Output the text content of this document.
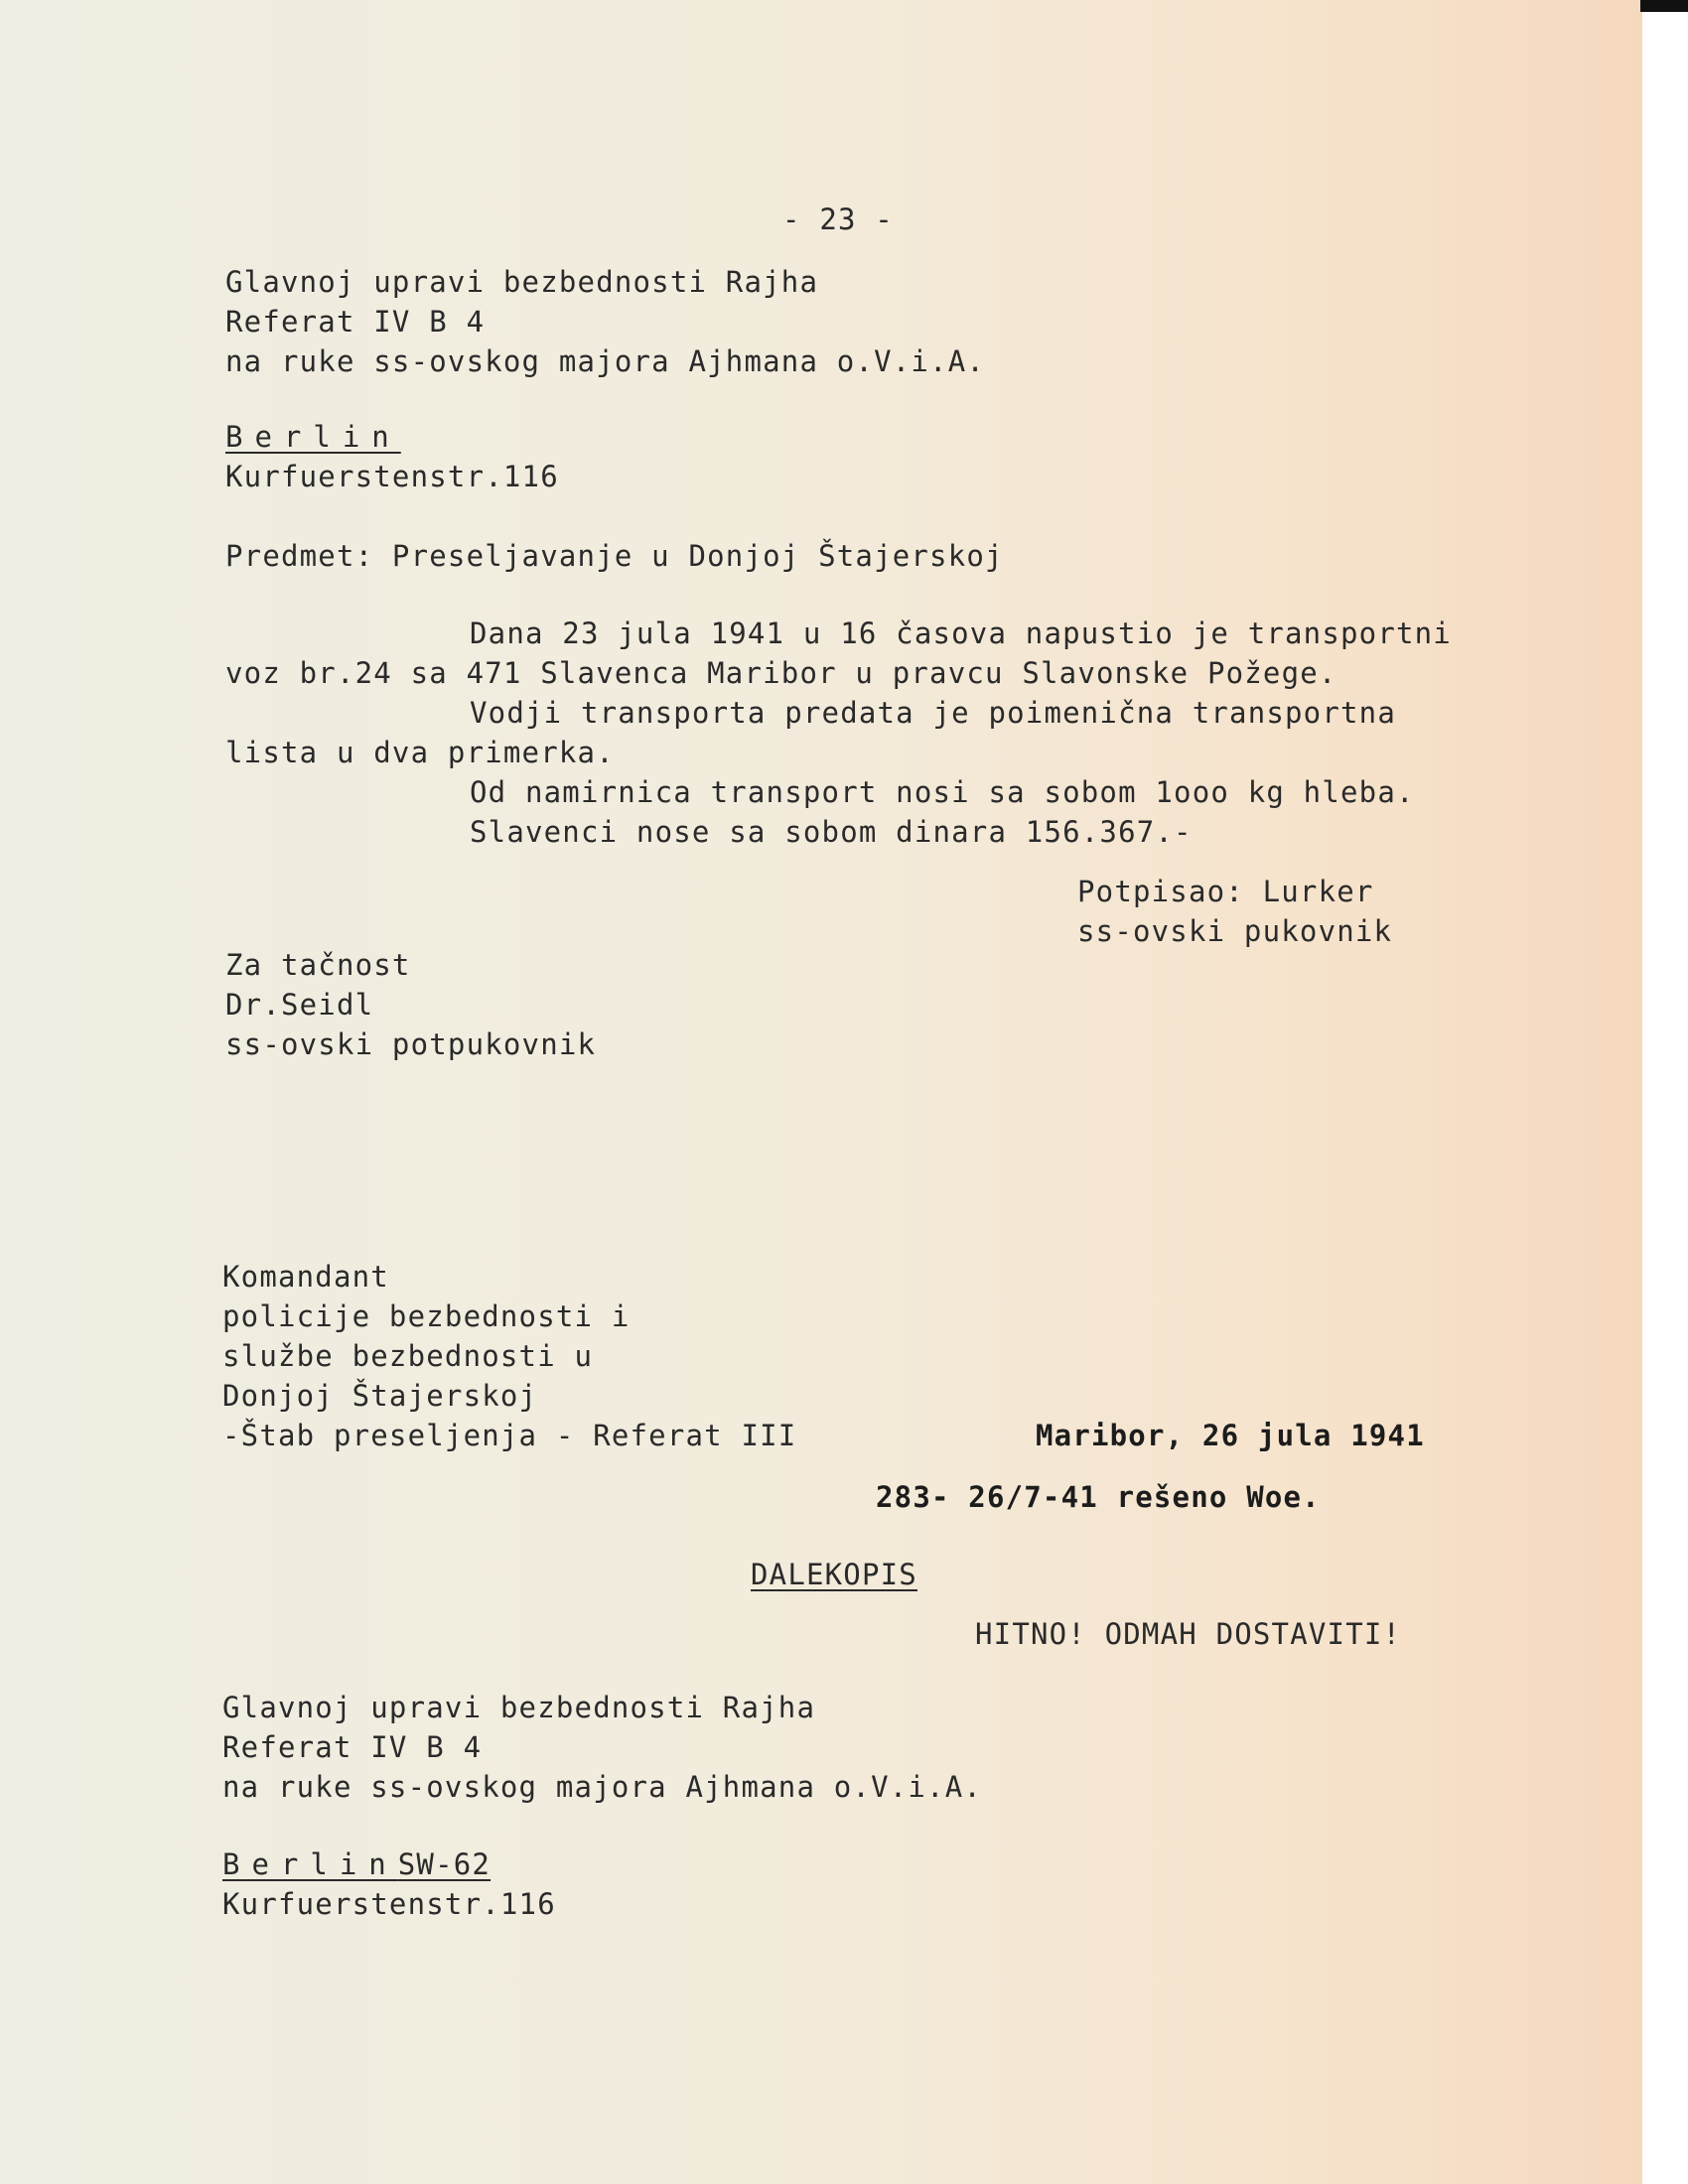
- 23 -

Glavnoj upravi bezbednosti Rajha

Referat IV B 4

na ruke ss-ovskog majora Ajhmana o.V.i.A.

Berlin

Kurfuerstenstr.116

Predmet: Preseljavanje u Donjoj Štajerskoj

Dana 23 jula 1941 u 16 časova napustio je transportni

voz br.24 sa 471 Slavenca Maribor u pravcu Slavonske Požege.

Vodji transporta predata je poimenična transportna

lista u dva primerka.

Od namirnica transport nosi sa sobom 1ooo kg hleba.

Slavenci nose sa sobom dinara 156.367.-

Potpisao: Lurker

ss-ovski pukovnik

Za tačnost

Dr.Seidl

ss-ovski potpukovnik

Komandant

policije bezbednosti i

službe bezbednosti u

Donjoj Štajerskoj

-Štab preseljenja - Referat III	Maribor, 26 jula 1941

283- 26/7-41 rešeno Woe.

DALEKOPIS

HITNO! ODMAH DOSTAVITI!

Glavnoj upravi bezbednosti Rajha

Referat IV B 4

na ruke ss-ovskog majora Ajhmana o.V.i.A.

BerlinSW-62

Kurfuerstenstr.116
